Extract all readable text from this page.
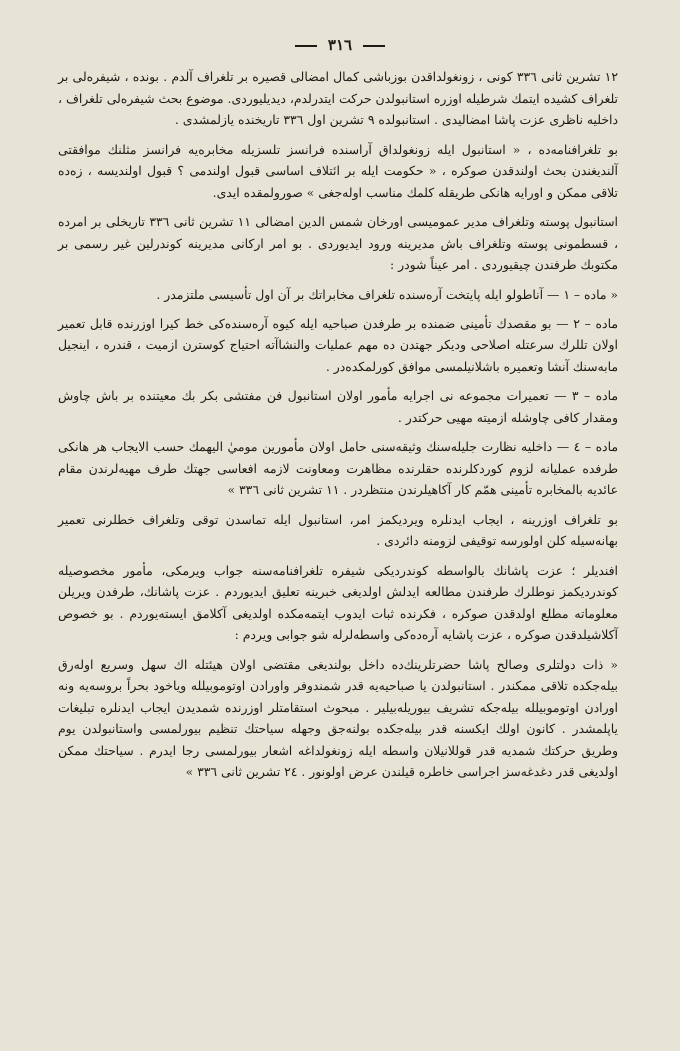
٣١٦

١٢ تشرين ثانى ٣٣٦ كونى ، زونغولداقدن بوزباشى كمال امضالى قصيره بر تلغراف آلدم . بونده ، شيفره‌لى بر تلغراف كشيده ايتمك شرطيله اوزره استانبولدن حركت ايتدرلدم، ديديليوردى. موضوع بحث شيفره‌لى تلغراف ، داخليه ناظرى عزت پاشا امضاليدى . استانبولده ٩ تشرين اول ٣٣٦ تاريخنده يازلمشدى .

بو تلغرافنامه‌ده ، « استانبول ايله زونغولداق آراسنده فرانسز تلسزيله مخابره‌يه فرانسز مثلنك موافقتى آلنديغندن بحث اولندقدن صوكره ، « حكومت ايله بر ائتلاف اساسى قبول اولندمى ؟ قبول اولنديسه ، زه‌ده تلاقى ممكن و اورايه هانكى طريقله كلمك مناسب اوله‌جغى » صورولمقده ايدى.

استانبول پوسته وتلغراف مدير عمومیسى اورخان شمس الدين امضالى ١١ تشرين ثانى ٣٣٦ تاريخلى بر امرده ، قسطمونى پوسته وتلغراف باش مديرينه ورود ايديوردى . بو امر اركانى مديرينه كوندرلين غير رسمى بر مكتوبك طرفندن چيقيوردى . امر عيناً شودر :

« ماده – ١ — آناطولو ايله پايتخت آره‌سنده تلغراف مخابراتك بر آن اول تأسيسى ملتزمدر .

ماده – ٢ — بو مقصدك تأمينى ضمنده بر طرفدن صباحيه ايله كيوه آره‌سنده‌كى خط كيرا اوزرنده قابل تعمير اولان تللرك سرعتله اصلاحى وديكر جهتدن ده مهم عمليات والنشاآته احتياج كوسترن ازميت ، قندره ، اينجيل مابه‌سنك آنشا وتعميره باشلانيلمسى موافق كورلمكده‌در .

ماده – ٣ — تعميرات مجموعه‌ نى اجرايه مأمور اولان استانبول فن مفتشى بكر بك معيتنده بر باش چاوش ومقدار كافى چاوشله ازميته مهيى حركتدر .

ماده – ٤ — داخليه نظارت جليله‌سنك وثيقه‌سنى حامل اولان مأمورين موميٰ اليهمك حسب الايجاب هر هانكى طرفده عمليانه لزوم كوردكلرنده حقلرنده مظاهرت ومعاونت لازمه افعاسى جهتك طرف مهيه‌لرندن مقام عائديه بالمخابره تأمينى همّم كار آكاهيلرندن منتظردر . ١١ تشرين ثانى ٣٣٦ »

بو تلغراف اوزرينه ، ايجاب ايدنلره ويرديكمز امر، استانبول ايله تماسدن توقى وتلغراف خطلرنى تعمير بهانه‌سيله كلن اولورسه توقيفى لزومنه دائردى .

افنديلر ؛ عزت پاشانك بالواسطه كوندرديكى شيفره تلغرافنامه‌سنه جواب ويرمكى، مأمور مخصوصيله كوندرديكمز نوطلرك طرفندن مطالعه ايدلش اولديغى خبرينه تعليق ايديوردم . عزت پاشانك، طرفدن ويريلن معلوماته مطلع اولدقدن صوكره ، فكرنده ثبات ايدوب ايتمه‌مكده اولديغى آكلامق ايسته‌يوردم . بو خصوص آكلاشيلدقدن صوكره ، عزت پاشايه آره‌ده‌كى واسطه‌لرله شو جوابى ويردم :

« ذات دولتلرى وصالح پاشا حضرتلرينك‌ده داخل بولنديغى مقتضى اولان هيئتله اك سهل وسريع اوله‌رق بيله‌جكده تلاقى ممكندر . استانبولدن يا صباحيه‌يه قدر شمندوفر واورادن اوتوموبيلله وياخود بحراً بروسه‌يه ونه اورادن اوتوموبيلله بيله‌جكه تشريف بيوريله‌بيلير . مبحوث استقامتلر اوزرنده شمدیدن ايجاب ايدنلره تبليغات ياپلمشدر . كانون اولك ايكسنه قدر بيله‌جكده بولنه‌جق وجهله سياحتك تنظيم بيورلمسى واستانبولدن يوم وطريق حركتك شمديه قدر قوللانيلان واسطه ايله زونغولداغه اشعار بيورلمسى رجا ايدرم . سياحتك ممكن اولديغى قدر دغدغه‌سز اجراسى خاطره قيلندن عرض اولونور . ٢٤ تشرين ثانى ٣٣٦ »
